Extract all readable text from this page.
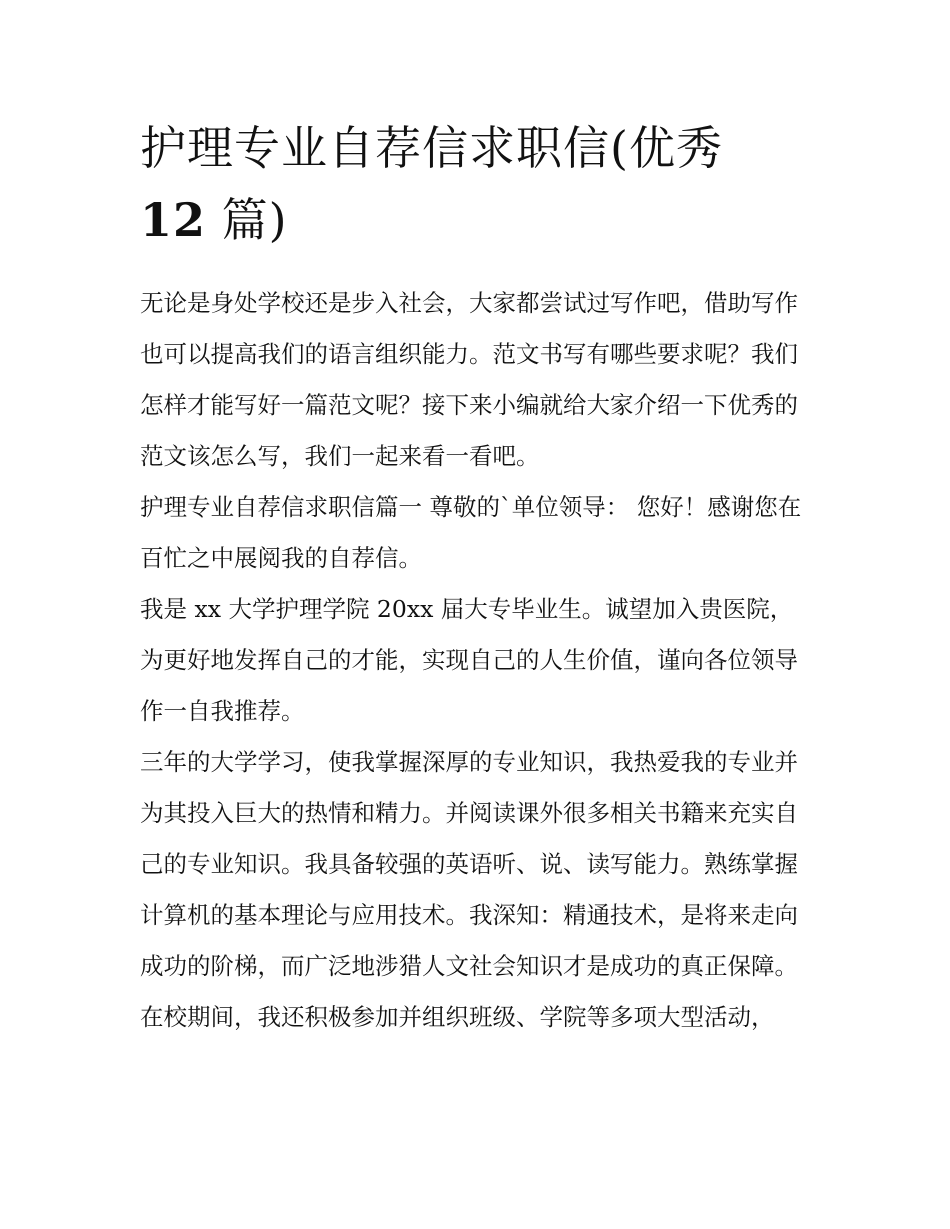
护理专业自荐信求职信(优秀
12 篇)

无论是身处学校还是步入社会，大家都尝试过写作吧，借助写作也可以提高我们的语言组织能力。范文书写有哪些要求呢？我们怎样才能写好一篇范文呢？接下来小编就给大家介绍一下优秀的范文该怎么写，我们一起来看一看吧。

护理专业自荐信求职信篇一 尊敬的`单位领导： 您好！感谢您在百忙之中展阅我的自荐信。

我是 xx 大学护理学院 20xx 届大专毕业生。诚望加入贵医院，为更好地发挥自己的才能，实现自己的人生价值，谨向各位领导作一自我推荐。

三年的大学学习，使我掌握深厚的专业知识，我热爱我的专业并为其投入巨大的热情和精力。并阅读课外很多相关书籍来充实自己的专业知识。我具备较强的英语听、说、读写能力。熟练掌握计算机的基本理论与应用技术。我深知：精通技术，是将来走向成功的阶梯，而广泛地涉猎人文社会知识才是成功的真正保障。

在校期间，我还积极参加并组织班级、学院等多项大型活动，
